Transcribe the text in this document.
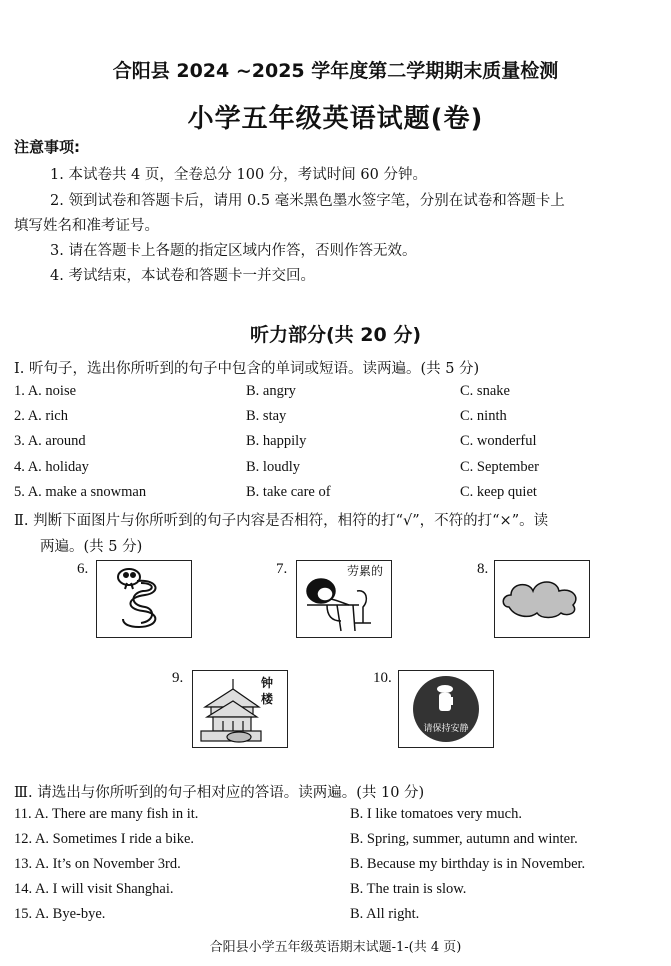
合阳县 2024 ~2025 学年度第二学期期末质量检测
小学五年级英语试题(卷)
注意事项:
1. 本试卷共 4 页，全卷总分 100 分，考试时间 60 分钟。
2. 领到试卷和答题卡后，请用 0.5 毫米黑色墨水签字笔，分别在试卷和答题卡上
填写姓名和准考证号。
3. 请在答题卡上各题的指定区域内作答，否则作答无效。
4. 考试结束，本试卷和答题卡一并交回。
听力部分(共 20 分)
Ⅰ. 听句子，选出你所听到的句子中包含的单词或短语。读两遍。(共 5 分)
1. A. noise	B. angry	C. snake
2. A. rich	B. stay	C. ninth
3. A. around	B. happily	C. wonderful
4. A. holiday	B. loudly	C. September
5. A. make a snowman	B. take care of	C. keep quiet
Ⅱ. 判断下面图片与你所听到的句子内容是否相符，相符的打“√”，不符的打“×”。读
两遍。(共 5 分)
6.	7.	劳累的	8.
9.	钟楼
10.
请保持安静
Ⅲ. 请选出与你所听到的句子相对应的答语。读两遍。(共 10 分)
11. A. There are many fish in it.	B. I like tomatoes very much.
12. A. Sometimes I ride a bike.	B. Spring, summer, autumn and winter.
13. A. It’s on November 3rd.	B. Because my birthday is in November.
14. A. I will visit Shanghai.	B. The train is slow.
15. A. Bye-bye.	B. All right.
合阳县小学五年级英语期末试题-1-(共 4 页)
